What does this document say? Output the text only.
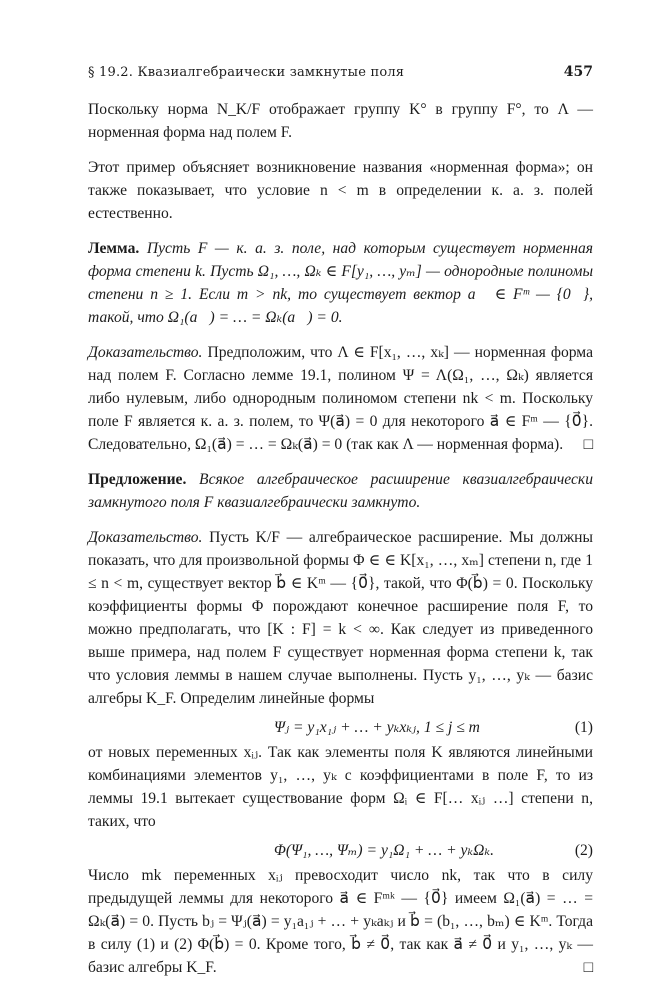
§ 19.2. Квазиалгебраически замкнутые поля	457

Поскольку норма N_K/F отображает группу K° в группу F°, то Λ — норменная форма над полем F.

Этот пример объясняет возникновение названия «норменная форма»; он также показывает, что условие n < m в определении к. а. з. полей естественно.

Лемма. Пусть F — к. а. з. поле, над которым существует норменная форма степени k. Пусть Ω₁, …, Ωₖ ∈ F[y₁, …, yₘ] — однородные полиномы степени n ≥ 1. Если m > nk, то существует вектор a⃗ ∈ Fᵐ — {0⃗}, такой, что Ω₁(a⃗) = … = Ωₖ(a⃗) = 0.

Доказательство. Предположим, что Λ ∈ F[x₁, …, xₖ] — норменная форма над полем F. Согласно лемме 19.1, полином Ψ = Λ(Ω₁, …, Ωₖ) является либо нулевым, либо однородным полиномом степени nk < m. Поскольку поле F является к. а. з. полем, то Ψ(a⃗) = 0 для некоторого a⃗ ∈ Fᵐ — {0⃗}. Следовательно, Ω₁(a⃗) = … = Ωₖ(a⃗) = 0 (так как Λ — норменная форма). □

Предложение. Всякое алгебраическое расширение квазиалгебраически замкнутого поля F квазиалгебраически замкнуто.

Доказательство. Пусть K/F — алгебраическое расширение. Мы должны показать, что для произвольной формы Φ ∈ ∈ K[x₁, …, xₘ] степени n, где 1 ≤ n < m, существует вектор b⃗ ∈ Kᵐ — {0⃗}, такой, что Φ(b⃗) = 0. Поскольку коэффициенты формы Φ порождают конечное расширение поля F, то можно предполагать, что [K : F] = k < ∞. Как следует из приведенного выше примера, над полем F существует норменная форма степени k, так что условия леммы в нашем случае выполнены. Пусть y₁, …, yₖ — базис алгебры K_F. Определим линейные формы

Ψⱼ = y₁x₁ⱼ + … + yₖxₖⱼ, 1 ≤ j ≤ m	(1)

от новых переменных xᵢⱼ. Так как элементы поля K являются линейными комбинациями элементов y₁, …, yₖ с коэффициентами в поле F, то из леммы 19.1 вытекает существование форм Ωᵢ ∈ F[… xᵢⱼ …] степени n, таких, что

Φ(Ψ₁, …, Ψₘ) = y₁Ω₁ + … + yₖΩₖ.	(2)

Число mk переменных xᵢⱼ превосходит число nk, так что в силу предыдущей леммы для некоторого a⃗ ∈ Fᵐᵏ — {0⃗} имеем Ω₁(a⃗) = … = Ωₖ(a⃗) = 0. Пусть bⱼ = Ψⱼ(a⃗) = y₁a₁ⱼ + … + yₖaₖⱼ и b⃗ = (b₁, …, bₘ) ∈ Kᵐ. Тогда в силу (1) и (2) Φ(b⃗) = 0. Кроме того, b⃗ ≠ 0⃗, так как a⃗ ≠ 0⃗ и y₁, …, yₖ — базис алгебры K_F.	□
